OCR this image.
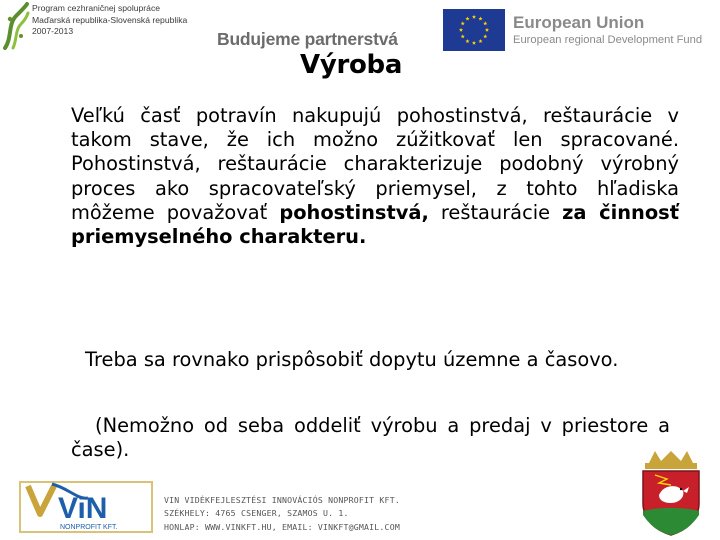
Program cezhraničnej spolupráce
Maďarská republika-Slovenská republika
2007-2013	Budujeme partnerstvá
European Union
European regional Development Fund
Výroba
Veľkú časť potravín nakupujú pohostinstvá, reštaurácie v takom stave, že ich možno zúžitkovať len spracované. Pohostinstvá, reštaurácie charakterizuje podobný výrobný proces ako spracovateľský priemysel, z tohto hľadiska môžeme považovať pohostinstvá, reštaurácie za činnosť priemyselného charakteru.
Treba sa rovnako prispôsobiť dopytu územne a časovo.
(Nemožno od seba oddeliť výrobu a predaj v priestore a čase).
ViN
NONPROFIT KFT.
VIN VIDÉKFEJLESZTÉSI INNOVÁCIÓS NONPROFIT KFT.
SZÉKHELY: 4765 CSENGER, SZAMOS U. 1.
HONLAP: WWW.VINKFT.HU, EMAIL: VINKFT@GMAIL.COM
